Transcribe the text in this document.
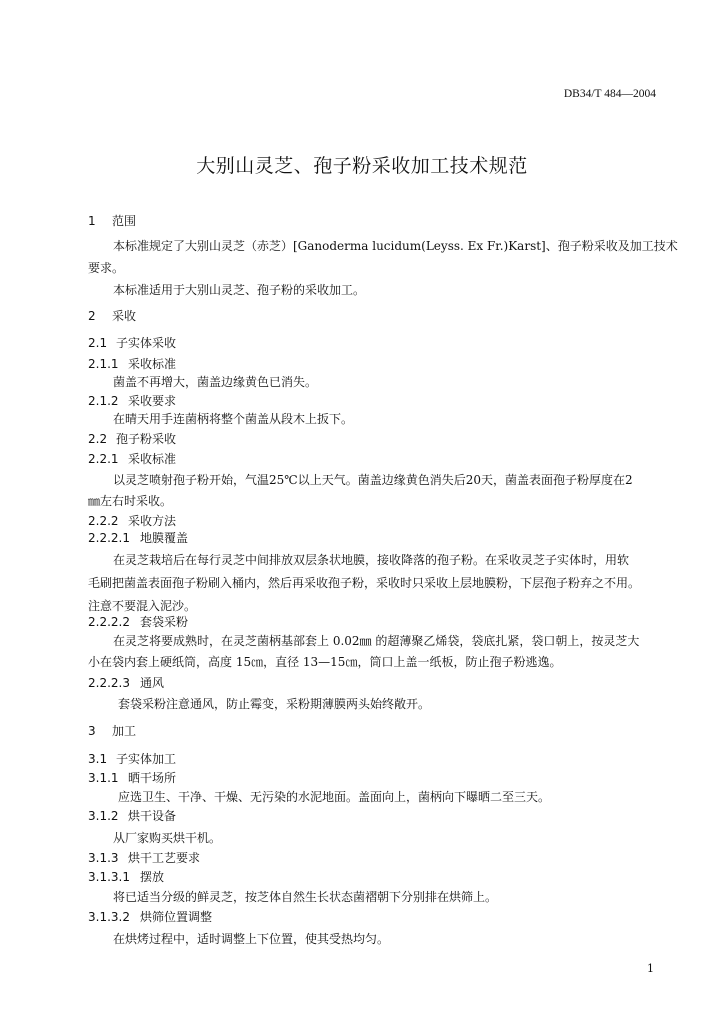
DB34/T 484—2004
大别山灵芝、孢子粉采收加工技术规范
1 范围
本标准规定了大别山灵芝（赤芝）[Ganoderma lucidum(Leyss. Ex Fr.)Karst]、孢子粉采收及加工技术
要求。
本标准适用于大别山灵芝、孢子粉的采收加工。
2 采收
2.1 子实体采收
2.1.1 采收标准
菌盖不再增大，菌盖边缘黄色已消失。
2.1.2 采收要求
在晴天用手连菌柄将整个菌盖从段木上扳下。
2.2 孢子粉采收
2.2.1 采收标准
以灵芝喷射孢子粉开始，气温25℃以上天气。菌盖边缘黄色消失后20天，菌盖表面孢子粉厚度在2
㎜左右时采收。
2.2.2 采收方法
2.2.2.1 地膜覆盖
在灵芝栽培后在每行灵芝中间排放双层条状地膜，接收降落的孢子粉。在采收灵芝子实体时，用软
毛刷把菌盖表面孢子粉刷入桶内，然后再采收孢子粉，采收时只采收上层地膜粉，下层孢子粉弃之不用。
注意不要混入泥沙。
2.2.2.2 套袋采粉
在灵芝将要成熟时，在灵芝菌柄基部套上 0.02㎜ 的超薄聚乙烯袋，袋底扎紧，袋口朝上，按灵芝大
小在袋内套上硬纸筒，高度 15㎝，直径 13—15㎝，筒口上盖一纸板，防止孢子粉逃逸。
2.2.2.3 通风
套袋采粉注意通风，防止霉变，采粉期薄膜两头始终敞开。
3 加工
3.1 子实体加工
3.1.1 晒干场所
应选卫生、干净、干燥、无污染的水泥地面。盖面向上，菌柄向下曝晒二至三天。
3.1.2 烘干设备
从厂家购买烘干机。
3.1.3 烘干工艺要求
3.1.3.1 摆放
将已适当分级的鲜灵芝，按芝体自然生长状态菌褶朝下分别排在烘筛上。
3.1.3.2 烘筛位置调整
在烘烤过程中，适时调整上下位置，使其受热均匀。
1
